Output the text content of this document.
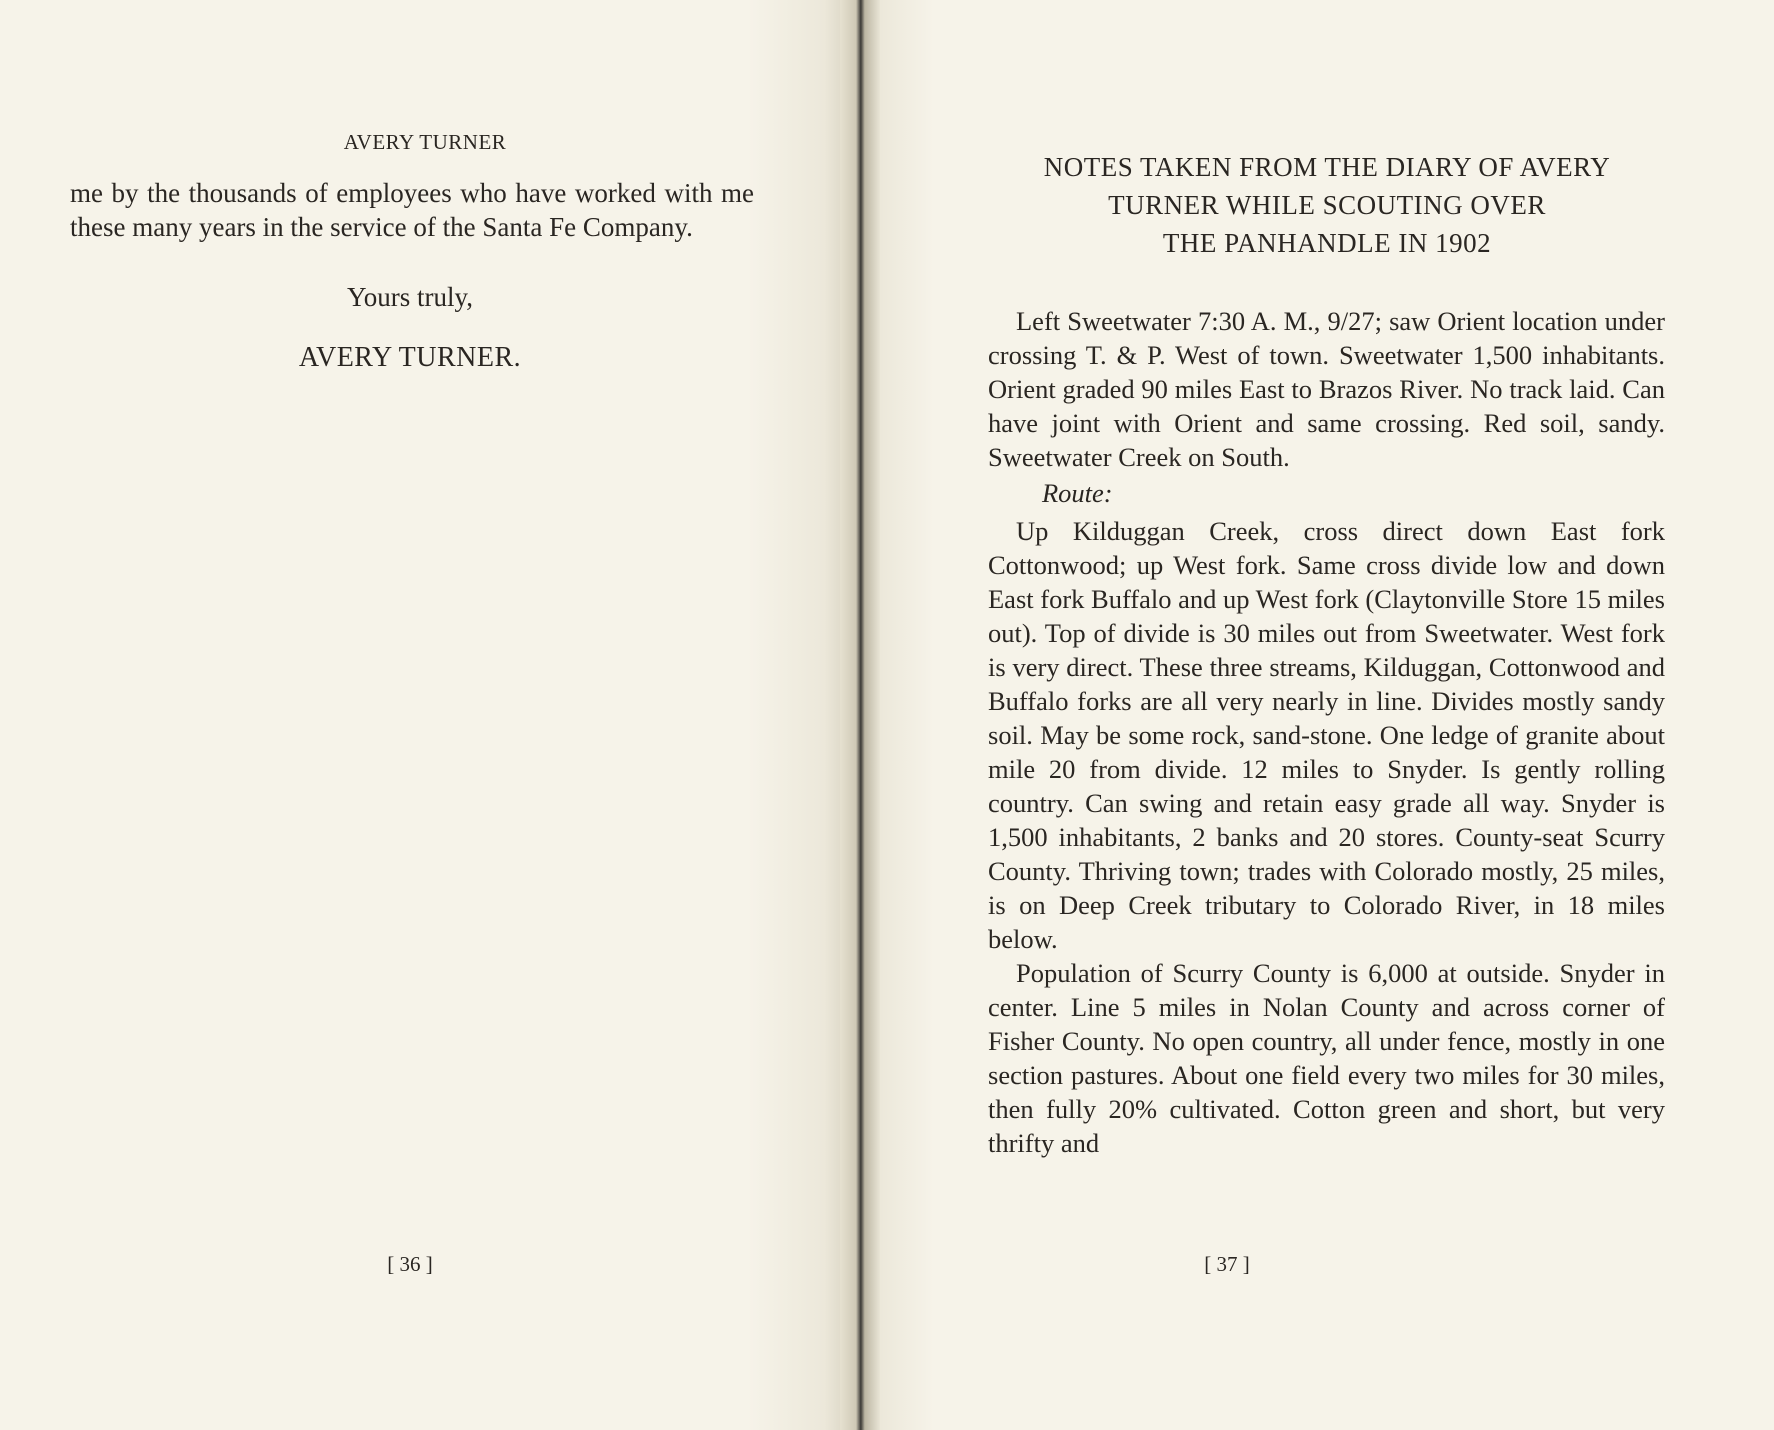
AVERY TURNER

me by the thousands of employees who have worked with me these many years in the service of the Santa Fe Company.

Yours truly,
AVERY TURNER.
[ 36 ]
NOTES TAKEN FROM THE DIARY OF AVERY
TURNER WHILE SCOUTING OVER
THE PANHANDLE IN 1902

Left Sweetwater 7:30 A. M., 9/27; saw Orient location under crossing T. & P. West of town. Sweetwater 1,500 inhabitants. Orient graded 90 miles East to Brazos River. No track laid. Can have joint with Orient and same crossing. Red soil, sandy. Sweetwater Creek on South.

Route:

Up Kilduggan Creek, cross direct down East fork Cottonwood; up West fork. Same cross divide low and down East fork Buffalo and up West fork (Claytonville Store 15 miles out). Top of divide is 30 miles out from Sweetwater. West fork is very direct. These three streams, Kilduggan, Cottonwood and Buffalo forks are all very nearly in line. Divides mostly sandy soil. May be some rock, sand-stone. One ledge of granite about mile 20 from divide. 12 miles to Snyder. Is gently rolling country. Can swing and retain easy grade all way. Snyder is 1,500 inhabitants, 2 banks and 20 stores. County-seat Scurry County. Thriving town; trades with Colorado mostly, 25 miles, is on Deep Creek tributary to Colorado River, in 18 miles below.

Population of Scurry County is 6,000 at outside. Snyder in center. Line 5 miles in Nolan County and across corner of Fisher County. No open country, all under fence, mostly in one section pastures. About one field every two miles for 30 miles, then fully 20% cultivated. Cotton green and short, but very thrifty and

[ 37 ]
